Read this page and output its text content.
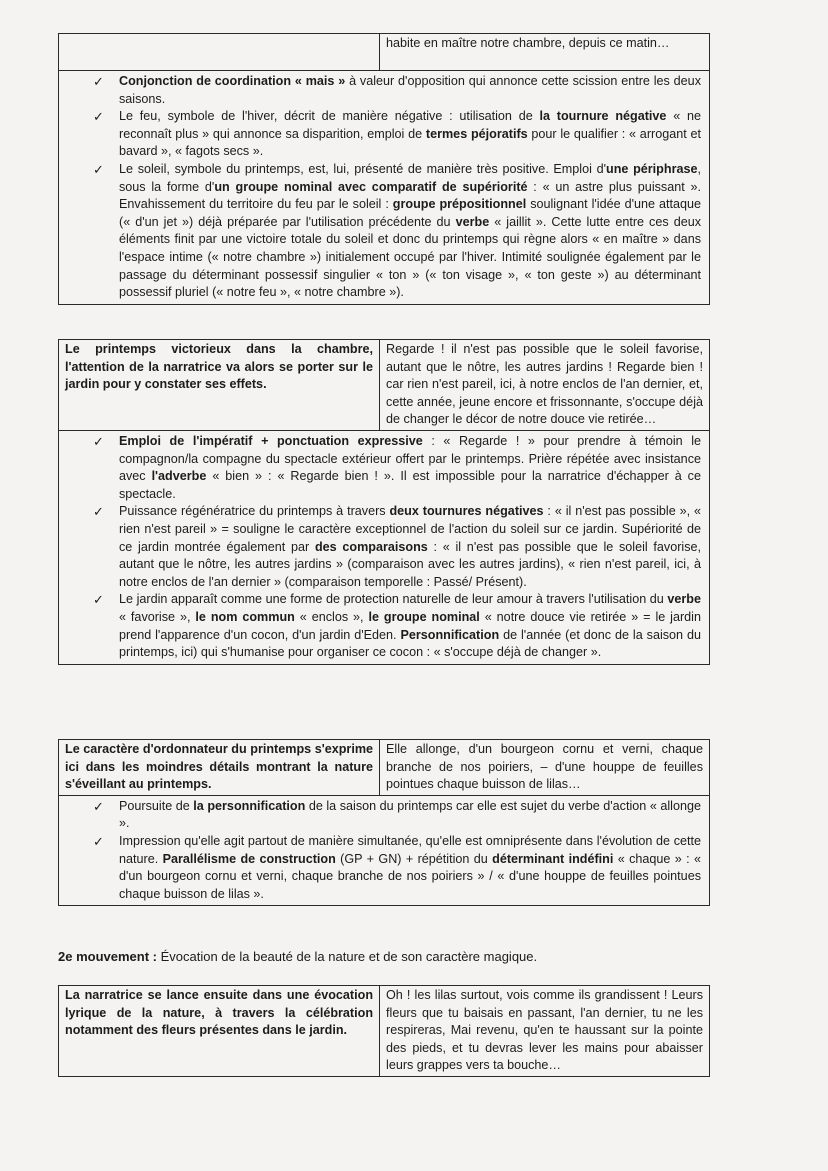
habite en maître notre chambre, depuis ce matin…

✓ Conjonction de coordination « mais » à valeur d'opposition qui annonce cette scission entre les deux saisons.

✓ Le feu, symbole de l'hiver, décrit de manière négative : utilisation de la tournure négative « ne reconnaît plus » qui annonce sa disparition, emploi de termes péjoratifs pour le qualifier : « arrogant et bavard », « fagots secs ».

✓ Le soleil, symbole du printemps, est, lui, présenté de manière très positive. Emploi d'une périphrase, sous la forme d'un groupe nominal avec comparatif de supériorité : « un astre plus puissant ». Envahissement du territoire du feu par le soleil : groupe prépositionnel soulignant l'idée d'une attaque (« d'un jet ») déjà préparée par l'utilisation précédente du verbe « jaillit ». Cette lutte entre ces deux éléments finit par une victoire totale du soleil et donc du printemps qui règne alors « en maître » dans l'espace intime (« notre chambre ») initialement occupé par l'hiver. Intimité soulignée également par le passage du déterminant possessif singulier « ton » (« ton visage », « ton geste ») au déterminant possessif pluriel (« notre feu », « notre chambre »).

Le printemps victorieux dans la chambre, l'attention de la narratrice va alors se porter sur le jardin pour y constater ses effets.
Regarde ! il n'est pas possible que le soleil favorise, autant que le nôtre, les autres jardins ! Regarde bien ! car rien n'est pareil, ici, à notre enclos de l'an dernier, et, cette année, jeune encore et frissonnante, s'occupe déjà de changer le décor de notre douce vie retirée…

✓ Emploi de l'impératif + ponctuation expressive : « Regarde ! » pour prendre à témoin le compagnon/la compagne du spectacle extérieur offert par le printemps. Prière répétée avec insistance avec l'adverbe « bien » : « Regarde bien ! ». Il est impossible pour la narratrice d'échapper à ce spectacle.

✓ Puissance régénératrice du printemps à travers deux tournures négatives : « il n'est pas possible », « rien n'est pareil » = souligne le caractère exceptionnel de l'action du soleil sur ce jardin. Supériorité de ce jardin montrée également par des comparaisons : « il n'est pas possible que le soleil favorise, autant que le nôtre, les autres jardins » (comparaison avec les autres jardins), « rien n'est pareil, ici, à notre enclos de l'an dernier » (comparaison temporelle : Passé/ Présent).

✓ Le jardin apparaît comme une forme de protection naturelle de leur amour à travers l'utilisation du verbe « favorise », le nom commun « enclos », le groupe nominal « notre douce vie retirée » = le jardin prend l'apparence d'un cocon, d'un jardin d'Eden. Personnification de l'année (et donc de la saison du printemps, ici) qui s'humanise pour organiser ce cocon : « s'occupe déjà de changer ».

Le caractère d'ordonnateur du printemps s'exprime ici dans les moindres détails montrant la nature s'éveillant au printemps.
Elle allonge, d'un bourgeon cornu et verni, chaque branche de nos poiriers, – d'une houppe de feuilles pointues chaque buisson de lilas…

✓ Poursuite de la personnification de la saison du printemps car elle est sujet du verbe d'action « allonge ».

✓ Impression qu'elle agit partout de manière simultanée, qu'elle est omniprésente dans l'évolution de cette nature. Parallélisme de construction (GP + GN) + répétition du déterminant indéfini « chaque » : « d'un bourgeon cornu et verni, chaque branche de nos poiriers » / « d'une houppe de feuilles pointues chaque buisson de lilas ».

2e mouvement : Évocation de la beauté de la nature et de son caractère magique.
La narratrice se lance ensuite dans une évocation lyrique de la nature, à travers la célébration notamment des fleurs présentes dans le jardin.
Oh ! les lilas surtout, vois comme ils grandissent ! Leurs fleurs que tu baisais en passant, l'an dernier, tu ne les respireras, Mai revenu, qu'en te haussant sur la pointe des pieds, et tu devras lever les mains pour abaisser leurs grappes vers ta bouche…
